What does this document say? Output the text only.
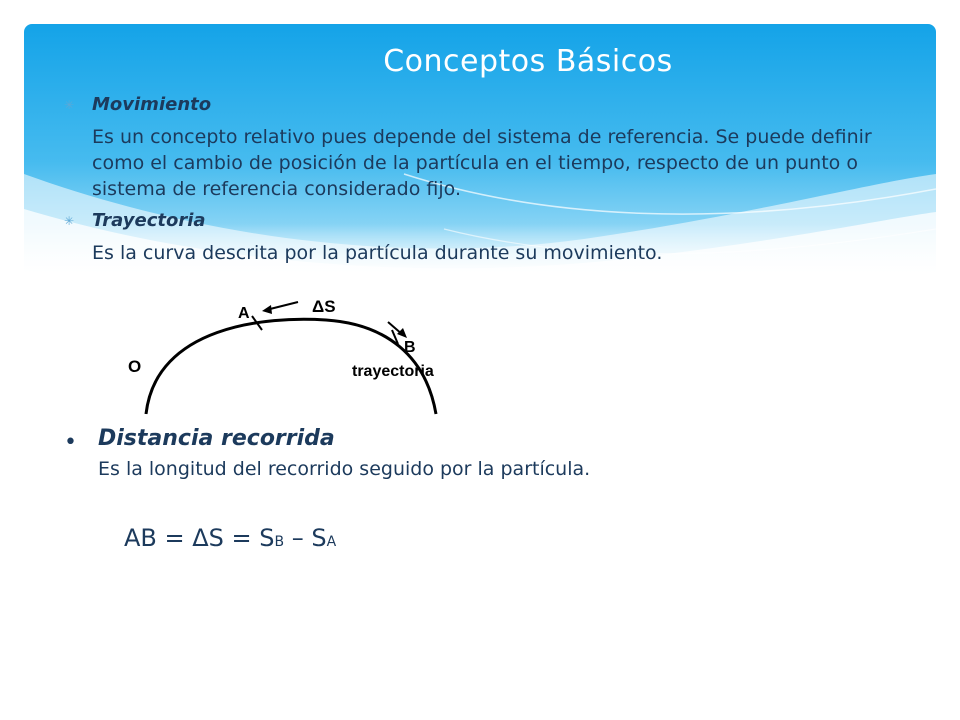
Conceptos Básicos
✳ Movimiento
Es un concepto relativo pues depende del sistema de referencia. Se puede definir como el cambio de posición de la partícula en el tiempo, respecto de un punto o sistema de referencia considerado fijo.
✳ Trayectoria
Es la curva descrita por la partícula durante su movimiento.
O
A	ΔS
B
trayectoria
• Distancia recorrida
Es la longitud del recorrido seguido por la partícula.
AB = ΔS = SB – SA
